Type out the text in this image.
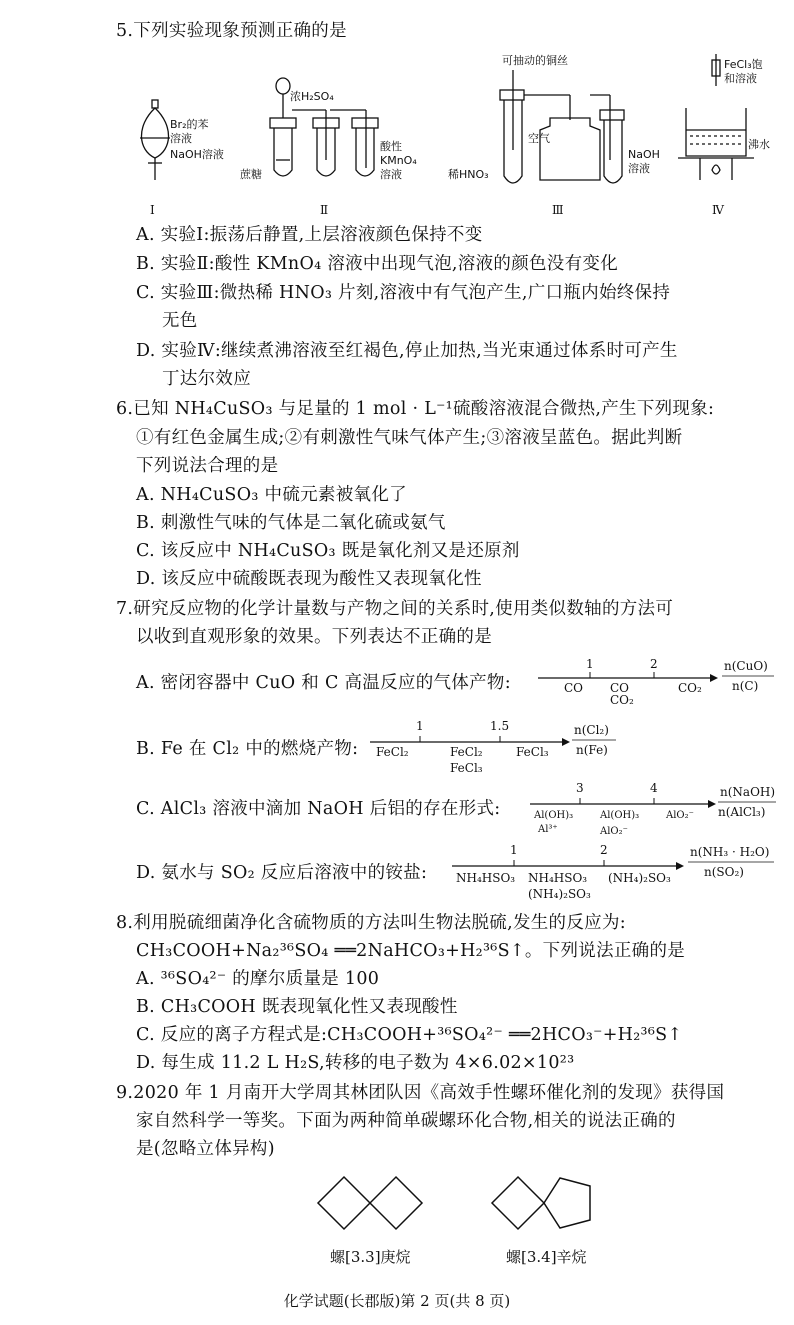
5.下列实验现象预测正确的是
Br₂的苯
溶液
NaOH溶液
浓H₂SO₄
蔗糖
酸性
KMnO₄
溶液
可抽动的铜丝
空气
稀HNO₃
NaOH
溶液
FeCl₃饱
和溶液
沸水
Ⅰ	Ⅱ	Ⅲ	Ⅳ
A. 实验Ⅰ:振荡后静置,上层溶液颜色保持不变
B. 实验Ⅱ:酸性 KMnO₄ 溶液中出现气泡,溶液的颜色没有变化
C. 实验Ⅲ:微热稀 HNO₃ 片刻,溶液中有气泡产生,广口瓶内始终保持
无色
D. 实验Ⅳ:继续煮沸溶液至红褐色,停止加热,当光束通过体系时可产生
丁达尔效应
6.已知 NH₄CuSO₃ 与足量的 1 mol · L⁻¹硫酸溶液混合微热,产生下列现象:
①有红色金属生成;②有刺激性气味气体产生;③溶液呈蓝色。据此判断
下列说法合理的是
A. NH₄CuSO₃ 中硫元素被氧化了
B. 刺激性气味的气体是二氧化硫或氨气
C. 该反应中 NH₄CuSO₃ 既是氧化剂又是还原剂
D. 该反应中硫酸既表现为酸性又表现氧化性
7.研究反应物的化学计量数与产物之间的关系时,使用类似数轴的方法可
以收到直观形象的效果。下列表达不正确的是
A. 密闭容器中 CuO 和 C 高温反应的气体产物:
1	2
CO CO
CO₂
CO₂
n(CuO)
n(C)
B. Fe 在 Cl₂ 中的燃烧产物:
1	1.5
FeCl₂	FeCl₂
FeCl₃
FeCl₃
n(Cl₂)
n(Fe)
C. AlCl₃ 溶液中滴加 NaOH 后铝的存在形式:
3	4
Al(OH)₃
Al³⁺
Al(OH)₃
AlO₂⁻
AlO₂⁻
n(NaOH)
n(AlCl₃)
D. 氨水与 SO₂ 反应后溶液中的铵盐:
1	2
NH₄HSO₃ NH₄HSO₃
(NH₄)₂SO₃
(NH₄)₂SO₃
n(NH₃ · H₂O)
n(SO₂)
8.利用脱硫细菌净化含硫物质的方法叫生物法脱硫,发生的反应为:
CH₃COOH+Na₂³⁶SO₄ ══2NaHCO₃+H₂³⁶S↑。下列说法正确的是
A. ³⁶SO₄²⁻ 的摩尔质量是 100
B. CH₃COOH 既表现氧化性又表现酸性
C. 反应的离子方程式是:CH₃COOH+³⁶SO₄²⁻ ══2HCO₃⁻+H₂³⁶S↑
D. 每生成 11.2 L H₂S,转移的电子数为 4×6.02×10²³
9.2020 年 1 月南开大学周其林团队因《高效手性螺环催化剂的发现》获得国
家自然科学一等奖。下面为两种简单碳螺环化合物,相关的说法正确的
是(忽略立体异构)
螺[3.3]庚烷	螺[3.4]辛烷
化学试题(长郡版)第 2 页(共 8 页)
